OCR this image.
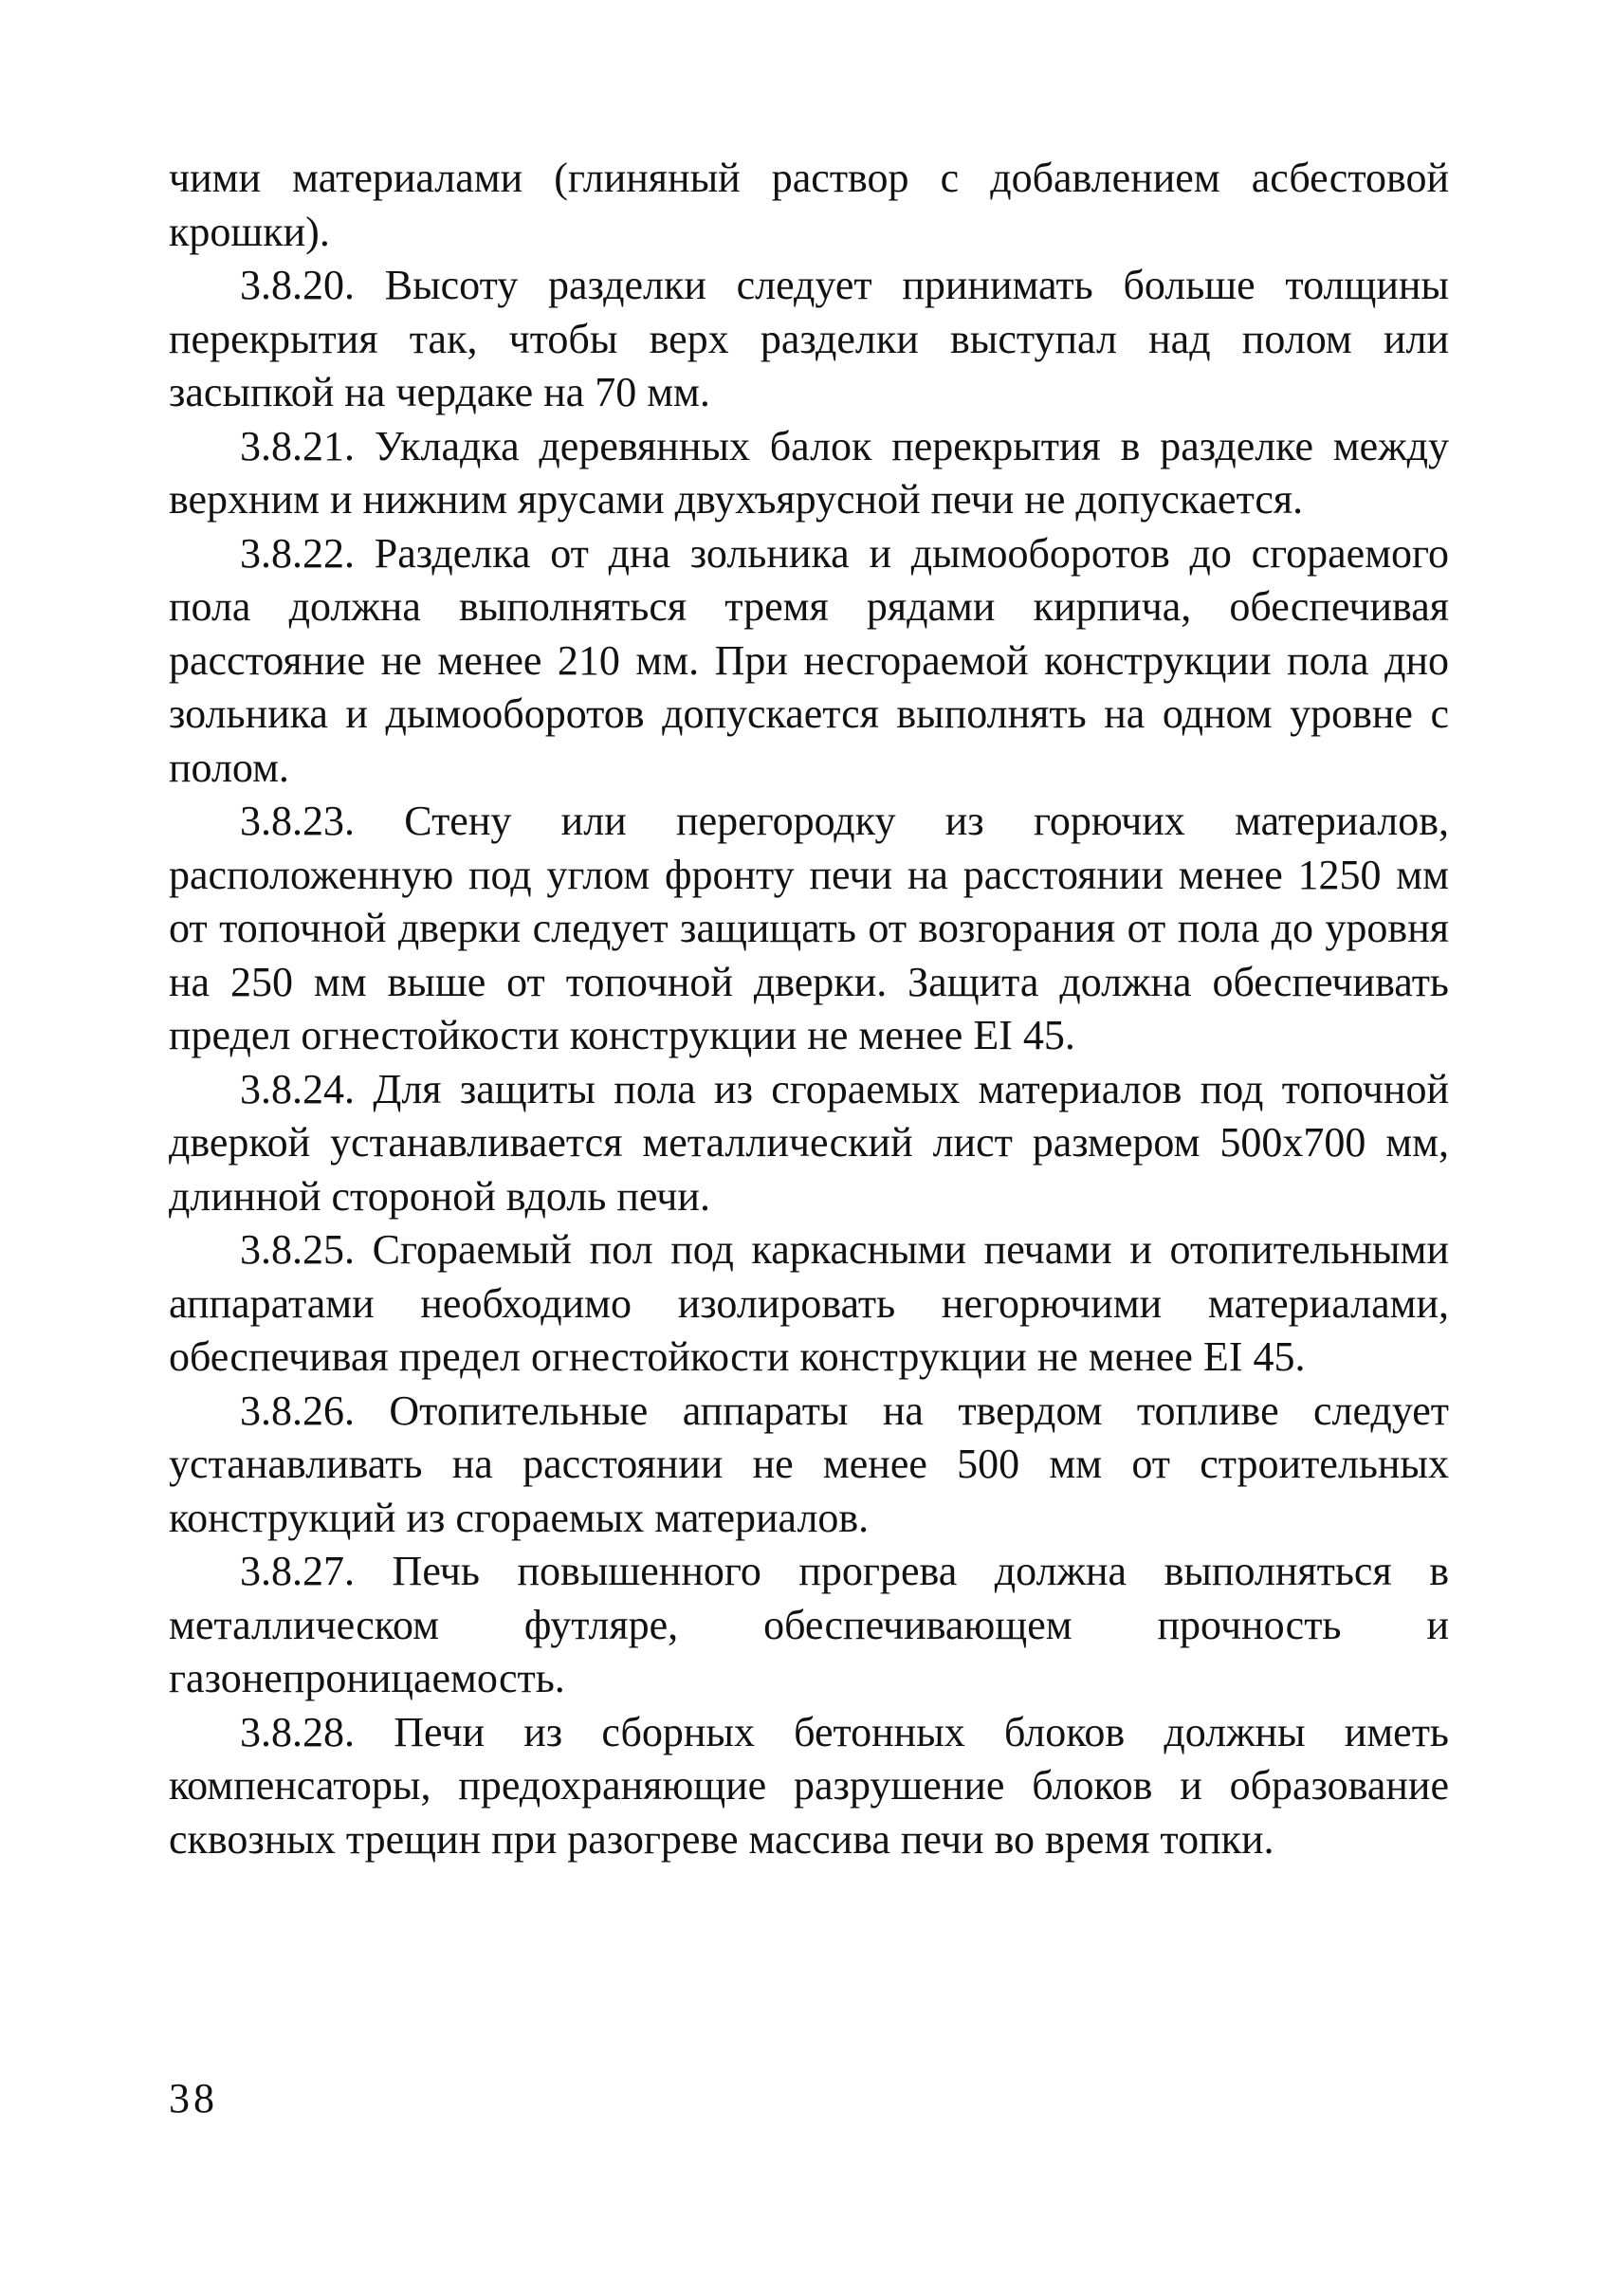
чими материалами (глиняный раствор с добавлением асбестовой крошки).

3.8.20. Высоту разделки следует принимать больше толщины перекрытия так, чтобы верх разделки выступал над полом или засыпкой на чердаке на 70 мм.

3.8.21. Укладка деревянных балок перекрытия в разделке между верхним и нижним ярусами двухъярусной печи не допускается.

3.8.22. Разделка от дна зольника и дымооборотов до сгораемого пола должна выполняться тремя рядами кирпича, обеспечивая расстояние не менее 210 мм. При несгораемой конструкции пола дно зольника и дымооборотов допускается выполнять на одном уровне с полом.

3.8.23. Стену или перегородку из горючих материалов, расположенную под углом фронту печи на расстоянии менее 1250 мм от топочной дверки следует защищать от возгорания от пола до уровня на 250 мм выше от топочной дверки. Защита должна обеспечивать предел огнестойкости конструкции не менее EI 45.

3.8.24. Для защиты пола из сгораемых материалов под топочной дверкой устанавливается металлический лист размером 500х700 мм, длинной стороной вдоль печи.

3.8.25. Сгораемый пол под каркасными печами и отопительными аппаратами необходимо изолировать негорючими материалами, обеспечивая предел огнестойкости конструкции не менее EI 45.

3.8.26. Отопительные аппараты на твердом топливе следует устанавливать на расстоянии не менее 500 мм от строительных конструкций из сгораемых материалов.

3.8.27. Печь повышенного прогрева должна выполняться в металлическом футляре, обеспечивающем прочность и газонепроницаемость.

3.8.28. Печи из сборных бетонных блоков должны иметь компенсаторы, предохраняющие разрушение блоков и образование сквозных трещин при разогреве массива печи во время топки.

38
